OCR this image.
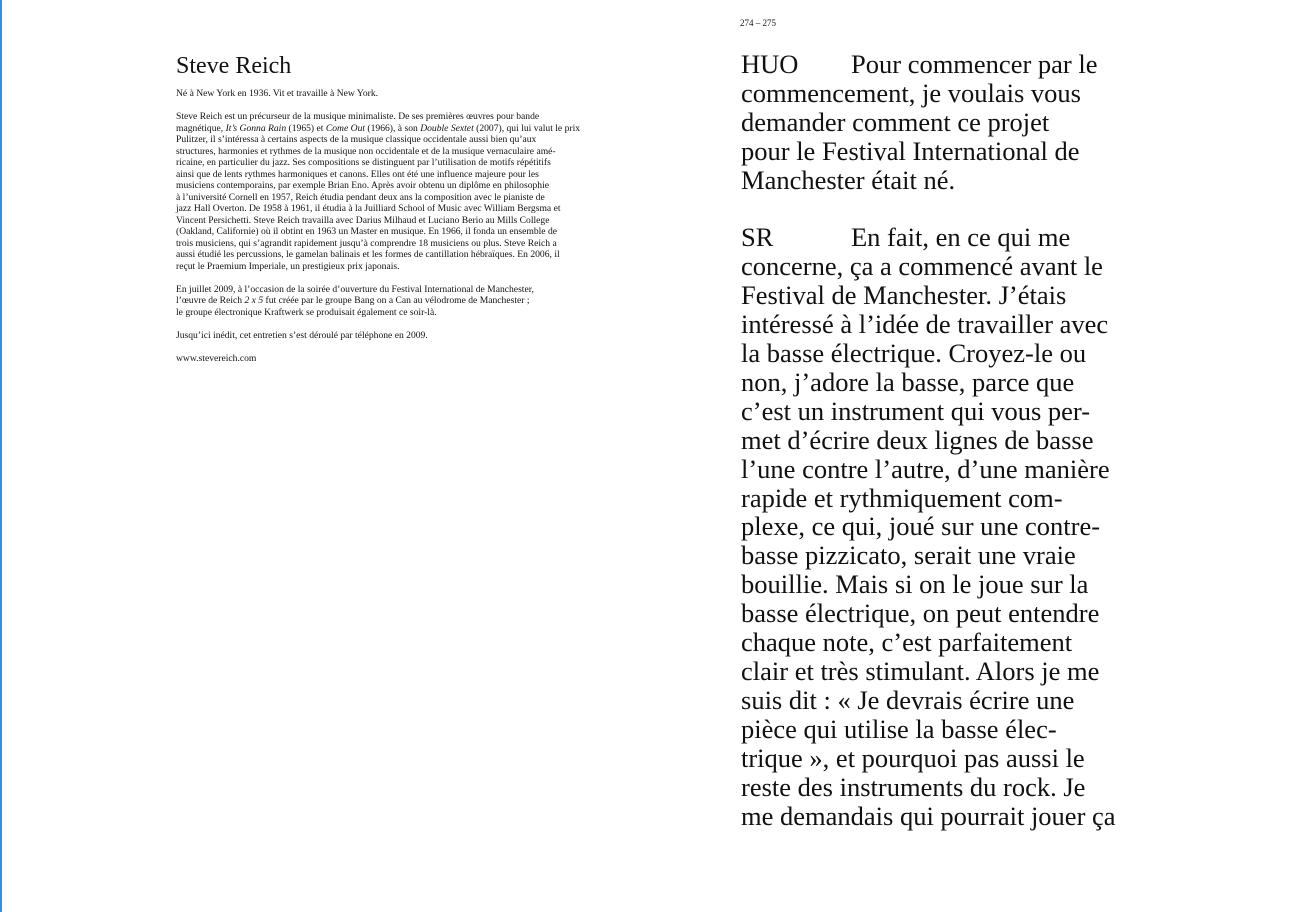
Steve Reich
Né à New York en 1936. Vit et travaille à New York.
Steve Reich est un précurseur de la musique minimaliste. De ses premières œuvres pour bande
magnétique, It’s Gonna Rain (1965) et Come Out (1966), à son Double Sextet (2007), qui lui valut le prix
Pulitzer, il s’intéressa à certains aspects de la musique classique occidentale aussi bien qu’aux
structures, harmonies et rythmes de la musique non occidentale et de la musique vernaculaire amé-
ricaine, en particulier du jazz. Ses compositions se distinguent par l’utilisation de motifs répétitifs
ainsi que de lents rythmes harmoniques et canons. Elles ont été une influence majeure pour les
musiciens contemporains, par exemple Brian Eno. Après avoir obtenu un diplôme en philosophie
à l’université Cornell en 1957, Reich étudia pendant deux ans la composition avec le pianiste de
jazz Hall Overton. De 1958 à 1961, il étudia à la Juilliard School of Music avec William Bergsma et
Vincent Persichetti. Steve Reich travailla avec Darius Milhaud et Luciano Berio au Mills College
(Oakland, Californie) où il obtint en 1963 un Master en musique. En 1966, il fonda un ensemble de
trois musiciens, qui s’agrandit rapidement jusqu’à comprendre 18 musiciens ou plus. Steve Reich a
aussi étudié les percussions, le gamelan balinais et les formes de cantillation hébraïques. En 2006, il
reçut le Praemium Imperiale, un prestigieux prix japonais.
En juillet 2009, à l’occasion de la soirée d’ouverture du Festival International de Manchester,
l’œuvre de Reich 2 x 5 fut créée par le groupe Bang on a Can au vélodrome de Manchester ;
le groupe électronique Kraftwerk se produisait également ce soir-là.
Jusqu’ici inédit, cet entretien s’est déroulé par téléphone en 2009.
www.stevereich.com
274 – 275
HUO Pour commencer par le
commencement, je voulais vous
demander comment ce projet
pour le Festival International de
Manchester était né.
SR	En fait, en ce qui me
concerne, ça a commencé avant le
Festival de Manchester. J’étais
intéressé à l’idée de travailler avec
la basse électrique. Croyez-le ou
non, j’adore la basse, parce que
c’est un instrument qui vous per-
met d’écrire deux lignes de basse
l’une contre l’autre, d’une manière
rapide et rythmiquement com-
plexe, ce qui, joué sur une contre-
basse pizzicato, serait une vraie
bouillie. Mais si on le joue sur la
basse électrique, on peut entendre
chaque note, c’est parfaitement
clair et très stimulant. Alors je me
suis dit : « Je devrais écrire une
pièce qui utilise la basse élec-
trique », et pourquoi pas aussi le
reste des instruments du rock. Je
me demandais qui pourrait jouer ça
